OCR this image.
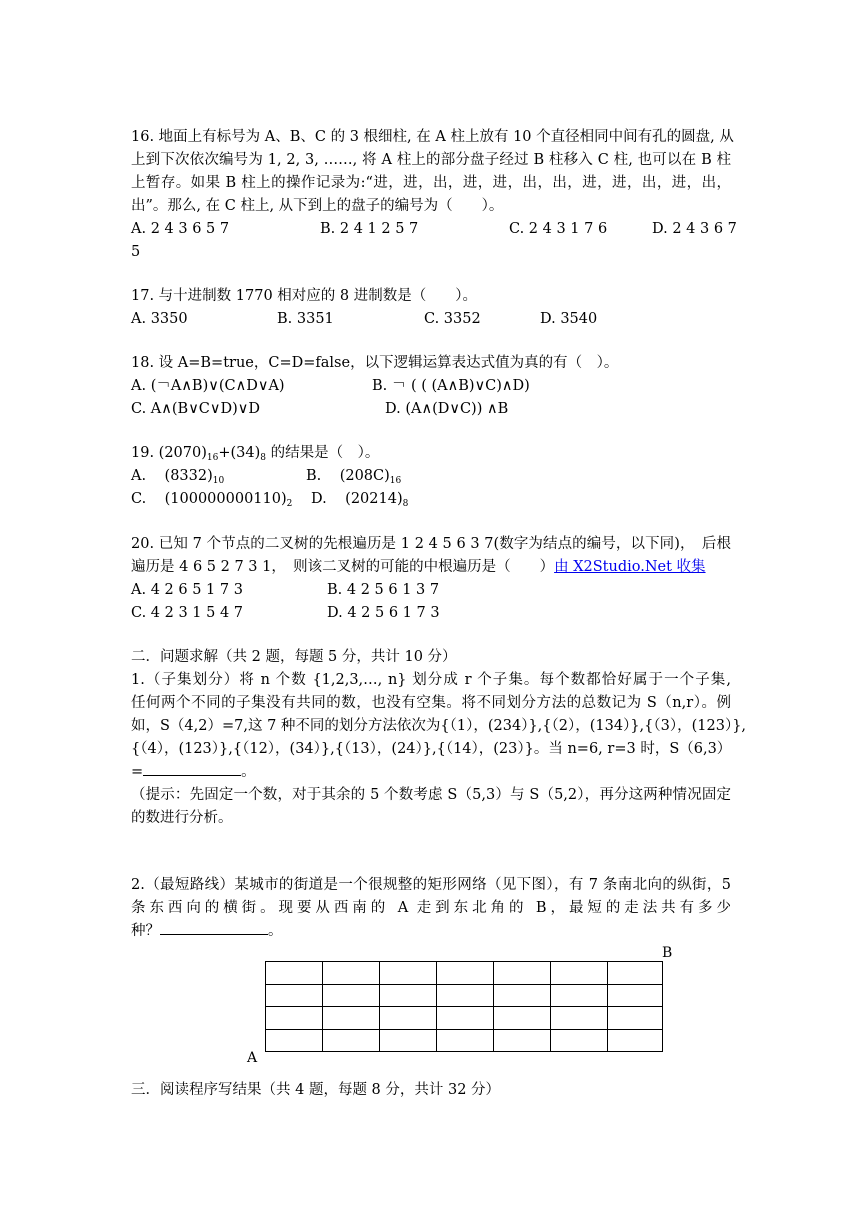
16. 地面上有标号为 A、B、C 的 3 根细柱, 在 A 柱上放有 10 个直径相同中间有孔的圆盘, 从
上到下次依次编号为 1, 2, 3, ……, 将 A 柱上的部分盘子经过 B 柱移入 C 柱, 也可以在 B 柱
上暂存。如果 B 柱上的操作记录为:“进，进，出，进，进，出，出，进，进，出，进，出，
出”。那么, 在 C 柱上, 从下到上的盘子的编号为（　　）。
A. 2 4 3 6 5 7	B. 2 4 1 2 5 7	C. 2 4 3 1 7 6	D. 2 4 3 6 7
5
17. 与十进制数 1770 相对应的 8 进制数是（　　）。
A. 3350	B. 3351	C. 3352	D. 3540
18. 设 A=B=true，C=D=false，以下逻辑运算表达式值为真的有（　）。
A. (￢A∧B)∨(C∧D∨A)	B. ￢ ( ( (A∧B)∨C)∧D)
C. A∧(B∨C∨D)∨D	D. (A∧(D∨C)) ∧B
19. $(2070)_{16}+(34)_8$ 的结果是（　）。
A. $(8332)_{10}$	B. $(208C)_{16}$
C. $(100000000110)_2$ D. $(20214)_8$
20. 已知 7 个节点的二叉树的先根遍历是 1 2 4 5 6 3 7(数字为结点的编号，以下同)，　后根
遍历是 4 6 5 2 7 3 1，　则该二叉树的可能的中根遍历是（　　）由 X2Studio.Net 收集
A. 4 2 6 5 1 7 3	B. 4 2 5 6 1 3 7
C. 4 2 3 1 5 4 7	D. 4 2 5 6 1 7 3
二．问题求解（共 2 题，每题 5 分，共计 10 分）
1.（子集划分）将 n 个数 {1,2,3,…, n} 划分成 r 个子集。每个数都恰好属于一个子集,
任何两个不同的子集没有共同的数，也没有空集。将不同划分方法的总数记为 S（n,r）。例
如，S（4,2）=7,这 7 种不同的划分方法依次为{（1），(234）},{（2），(134）},{（3），(123）},
{（4），(123）},{（12），(34）},{（13），(24）},{（14），(23）}。当 n=6, r=3 时，S（6,3）
=	。
（提示：先固定一个数，对于其余的 5 个数考虑 S（5,3）与 S（5,2），再分这两种情况固定
的数进行分析。
2.（最短路线）某城市的街道是一个很规整的矩形网络（见下图），有 7 条南北向的纵街，5
条东西向的横街。现要从西南的 A 走到东北角的 B，最短的走法共有多少
种？	。
B
A
三．阅读程序写结果（共 4 题，每题 8 分，共计 32 分）
